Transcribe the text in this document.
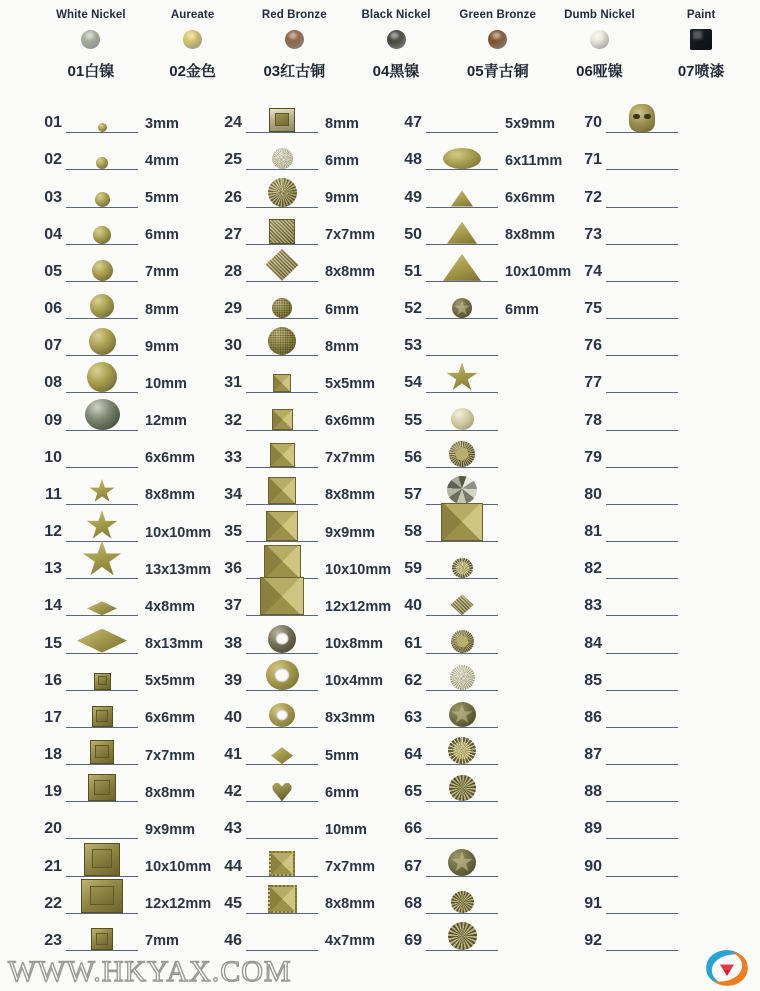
White Nickel
01白镍
Aureate
02金色
Red Bronze
03红古铜
Black Nickel
04黑镍
Green Bronze
05青古铜
Dumb Nickel
06哑镍
Paint
07喷漆
01	3mm
02	4mm
03	5mm
04	6mm
05	7mm
06	8mm
07	9mm
08	10mm
09	12mm
10	6x6mm
11	8x8mm
12	10x10mm
13	13x13mm
14	4x8mm
15	8x13mm
16	5x5mm
17	6x6mm
18	7x7mm
19	8x8mm
20	9x9mm
21	10x10mm
22	12x12mm
23	7mm
24	8mm
25	6mm
26	9mm
27	7x7mm
28	8x8mm
29	6mm
30	8mm
31	5x5mm
32	6x6mm
33	7x7mm
34	8x8mm
35	9x9mm
36	10x10mm
37	12x12mm
38	10x8mm
39	10x4mm
40	8x3mm
41	5mm
42	6mm
43	10mm
44	7x7mm
45	8x8mm
46	4x7mm
47	5x9mm
48	6x11mm
49	6x6mm
50	8x8mm
51	10x10mm
52	6mm
53
54
55
56
57
58
59
40
61
62
63
64
65
66
67
68
69
70
71
72
73
74
75
76
77
78
79
80
81
82
83
84
85
86
87
88
89
90
91
92
WWW.HKYAX.COM
